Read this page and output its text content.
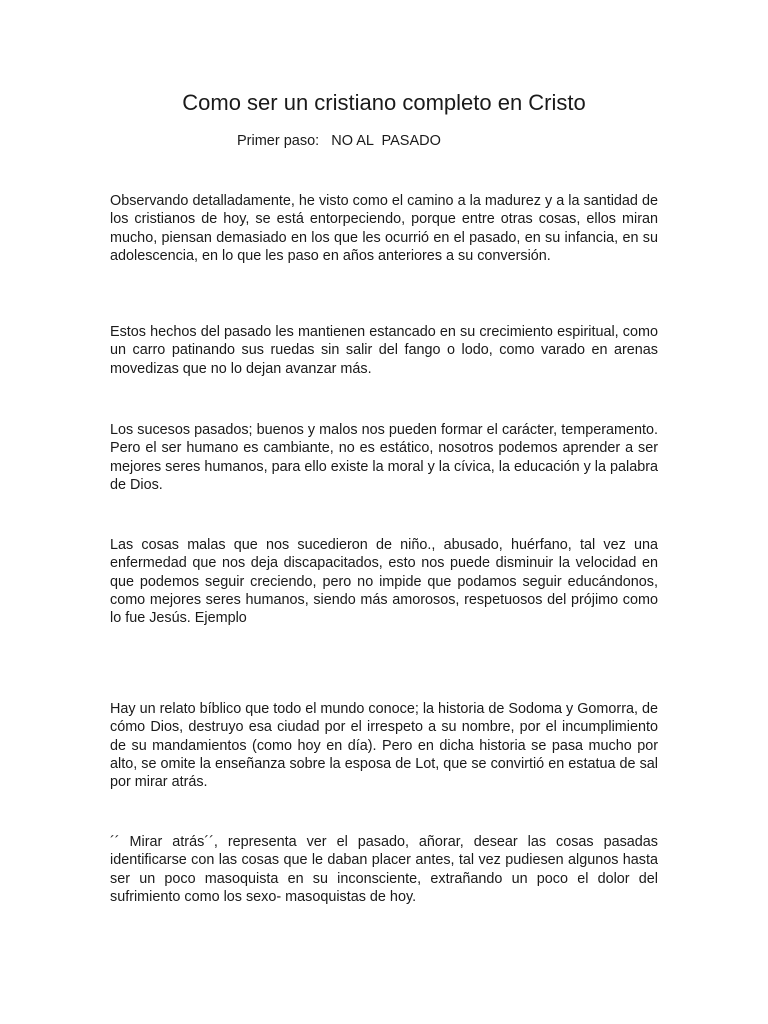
Como ser un cristiano completo en Cristo

Primer paso:   NO AL  PASADO

Observando detalladamente, he visto como el camino a la madurez y a la santidad de los cristianos de hoy, se está entorpeciendo, porque entre otras cosas, ellos miran mucho, piensan demasiado en los que les ocurrió en el pasado, en su infancia, en su adolescencia, en lo que les paso en años anteriores a su conversión.

Estos hechos del pasado les mantienen estancado en su crecimiento espiritual, como un carro patinando sus ruedas sin salir del fango o lodo, como varado en arenas movedizas que no lo dejan avanzar más.

Los sucesos pasados; buenos y malos nos pueden formar el carácter, temperamento. Pero el ser humano es cambiante, no es estático, nosotros podemos aprender a ser mejores seres humanos, para ello existe la moral y la cívica, la educación y la palabra de Dios.

Las cosas malas que nos sucedieron de niño., abusado, huérfano, tal vez una enfermedad que nos deja discapacitados, esto nos puede disminuir la velocidad en que podemos seguir creciendo, pero no impide que podamos seguir educándonos, como mejores seres humanos, siendo más amorosos, respetuosos del prójimo como lo fue Jesús. Ejemplo

Hay un relato bíblico que todo el mundo conoce; la historia de Sodoma y Gomorra, de cómo Dios, destruyo esa ciudad por el irrespeto a su nombre, por el incumplimiento de su mandamientos (como hoy en día). Pero en dicha historia se pasa mucho por alto, se omite la enseñanza sobre la esposa de Lot, que se convirtió en estatua de sal por mirar atrás.

´´ Mirar atrás´´, representa ver el pasado, añorar, desear las cosas pasadas identificarse con las cosas que le daban placer antes, tal vez pudiesen algunos hasta ser un poco masoquista en su inconsciente, extrañando un poco el dolor del sufrimiento como los sexo- masoquistas de hoy.
